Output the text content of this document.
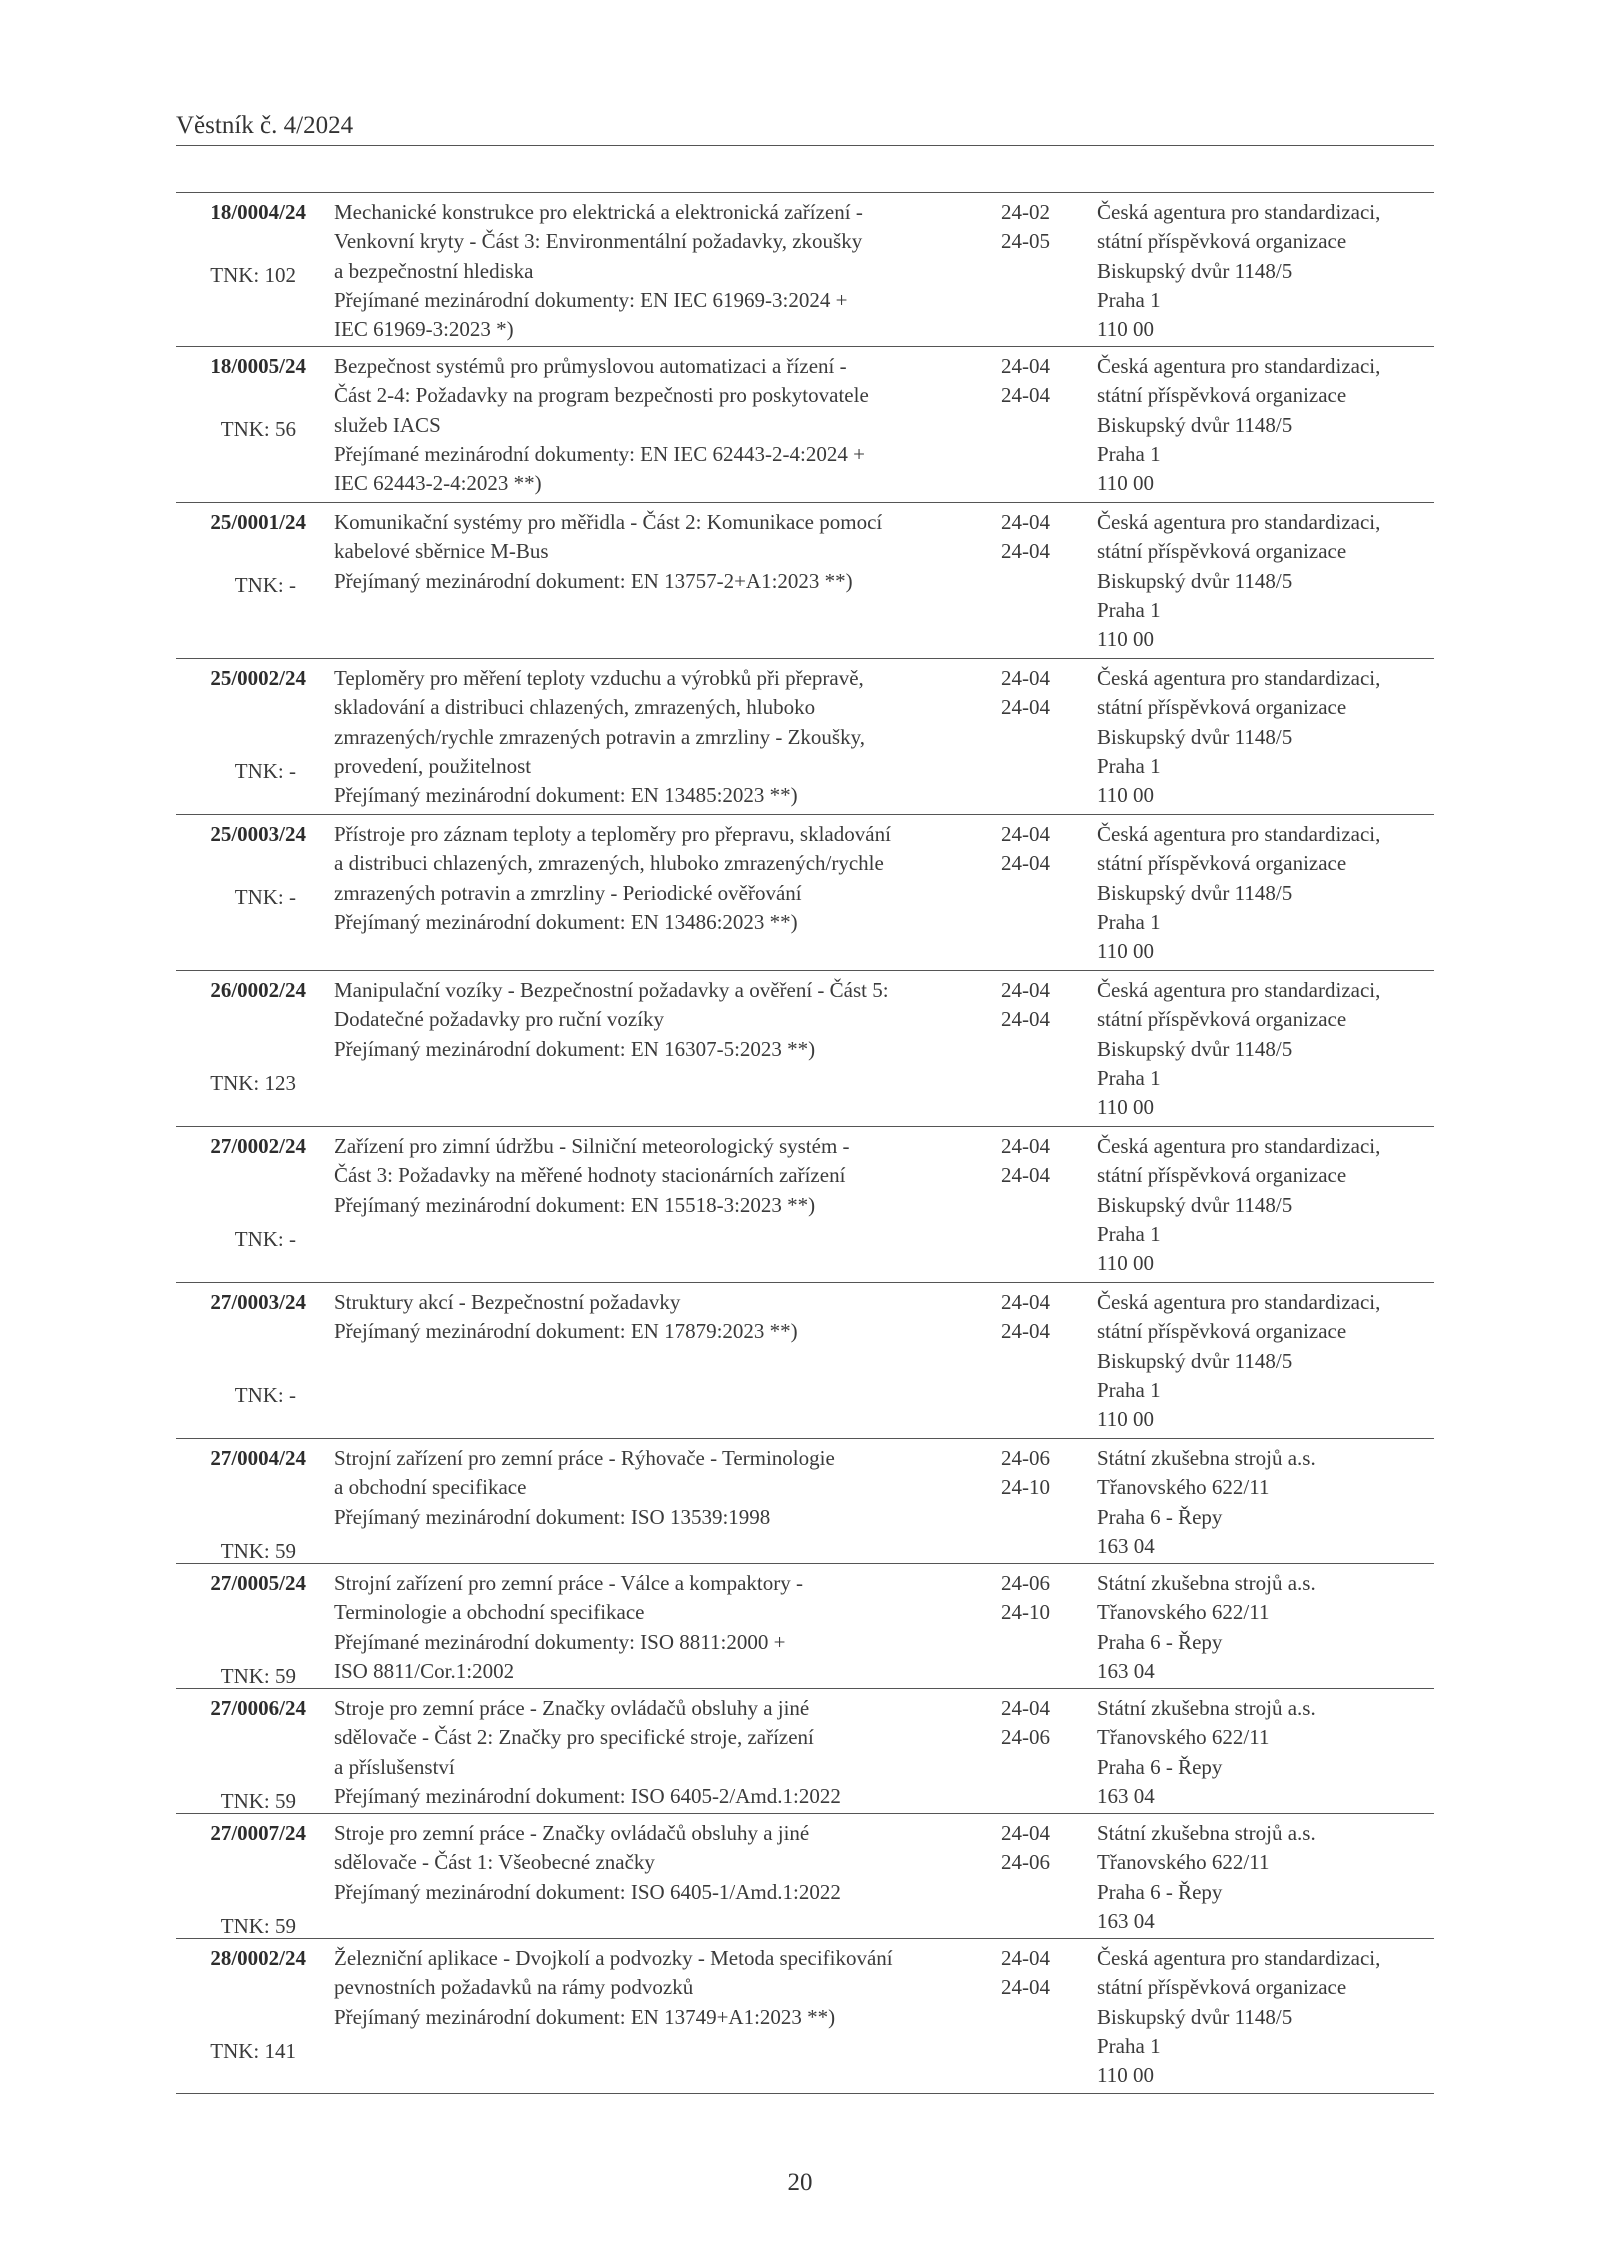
Věstník č. 4/2024
18/0004/24
TNK: 102
Mechanické konstrukce pro elektrická a elektronická zařízení -
Venkovní kryty - Část 3: Environmentální požadavky, zkoušky
a bezpečnostní hlediska
Přejímané mezinárodní dokumenty: EN IEC 61969-3:2024 +
IEC 61969-3:2023 *)
24-02
24-05
Česká agentura pro standardizaci,
státní příspěvková organizace
Biskupský dvůr 1148/5
Praha 1
110 00
18/0005/24
TNK: 56
Bezpečnost systémů pro průmyslovou automatizaci a řízení -
Část 2-4: Požadavky na program bezpečnosti pro poskytovatele
služeb IACS
Přejímané mezinárodní dokumenty: EN IEC 62443-2-4:2024 +
IEC 62443-2-4:2023 **)
24-04
24-04
Česká agentura pro standardizaci,
státní příspěvková organizace
Biskupský dvůr 1148/5
Praha 1
110 00
25/0001/24
TNK: -
Komunikační systémy pro měřidla - Část 2: Komunikace pomocí
kabelové sběrnice M-Bus
Přejímaný mezinárodní dokument: EN 13757-2+A1:2023 **)
24-04
24-04
Česká agentura pro standardizaci,
státní příspěvková organizace
Biskupský dvůr 1148/5
Praha 1
110 00
25/0002/24
TNK: -
Teploměry pro měření teploty vzduchu a výrobků při přepravě,
skladování a distribuci chlazených, zmrazených, hluboko
zmrazených/rychle zmrazených potravin a zmrzliny - Zkoušky,
provedení, použitelnost
Přejímaný mezinárodní dokument: EN 13485:2023 **)
24-04
24-04
Česká agentura pro standardizaci,
státní příspěvková organizace
Biskupský dvůr 1148/5
Praha 1
110 00
25/0003/24
TNK: -
Přístroje pro záznam teploty a teploměry pro přepravu, skladování
a distribuci chlazených, zmrazených, hluboko zmrazených/rychle
zmrazených potravin a zmrzliny - Periodické ověřování
Přejímaný mezinárodní dokument: EN 13486:2023 **)
24-04
24-04
Česká agentura pro standardizaci,
státní příspěvková organizace
Biskupský dvůr 1148/5
Praha 1
110 00
26/0002/24
TNK: 123
Manipulační vozíky - Bezpečnostní požadavky a ověření - Část 5:
Dodatečné požadavky pro ruční vozíky
Přejímaný mezinárodní dokument: EN 16307-5:2023 **)
24-04
24-04
Česká agentura pro standardizaci,
státní příspěvková organizace
Biskupský dvůr 1148/5
Praha 1
110 00
27/0002/24
TNK: -
Zařízení pro zimní údržbu - Silniční meteorologický systém -
Část 3: Požadavky na měřené hodnoty stacionárních zařízení
Přejímaný mezinárodní dokument: EN 15518-3:2023 **)
24-04
24-04
Česká agentura pro standardizaci,
státní příspěvková organizace
Biskupský dvůr 1148/5
Praha 1
110 00
27/0003/24
TNK: -
Struktury akcí - Bezpečnostní požadavky
Přejímaný mezinárodní dokument: EN 17879:2023 **)
24-04
24-04
Česká agentura pro standardizaci,
státní příspěvková organizace
Biskupský dvůr 1148/5
Praha 1
110 00
27/0004/24
TNK: 59
Strojní zařízení pro zemní práce - Rýhovače - Terminologie
a obchodní specifikace
Přejímaný mezinárodní dokument: ISO 13539:1998
24-06
24-10
Státní zkušebna strojů a.s.
Třanovského 622/11
Praha 6 - Řepy
163 04
27/0005/24
TNK: 59
Strojní zařízení pro zemní práce - Válce a kompaktory -
Terminologie a obchodní specifikace
Přejímané mezinárodní dokumenty: ISO 8811:2000 +
ISO 8811/Cor.1:2002
24-06
24-10
Státní zkušebna strojů a.s.
Třanovského 622/11
Praha 6 - Řepy
163 04
27/0006/24
TNK: 59
Stroje pro zemní práce - Značky ovládačů obsluhy a jiné
sdělovače - Část 2: Značky pro specifické stroje, zařízení
a příslušenství
Přejímaný mezinárodní dokument: ISO 6405-2/Amd.1:2022
24-04
24-06
Státní zkušebna strojů a.s.
Třanovského 622/11
Praha 6 - Řepy
163 04
27/0007/24
TNK: 59
Stroje pro zemní práce - Značky ovládačů obsluhy a jiné
sdělovače - Část 1: Všeobecné značky
Přejímaný mezinárodní dokument: ISO 6405-1/Amd.1:2022
24-04
24-06
Státní zkušebna strojů a.s.
Třanovského 622/11
Praha 6 - Řepy
163 04
28/0002/24
TNK: 141
Železniční aplikace - Dvojkolí a podvozky - Metoda specifikování
pevnostních požadavků na rámy podvozků
Přejímaný mezinárodní dokument: EN 13749+A1:2023 **)
24-04
24-04
Česká agentura pro standardizaci,
státní příspěvková organizace
Biskupský dvůr 1148/5
Praha 1
110 00
20
